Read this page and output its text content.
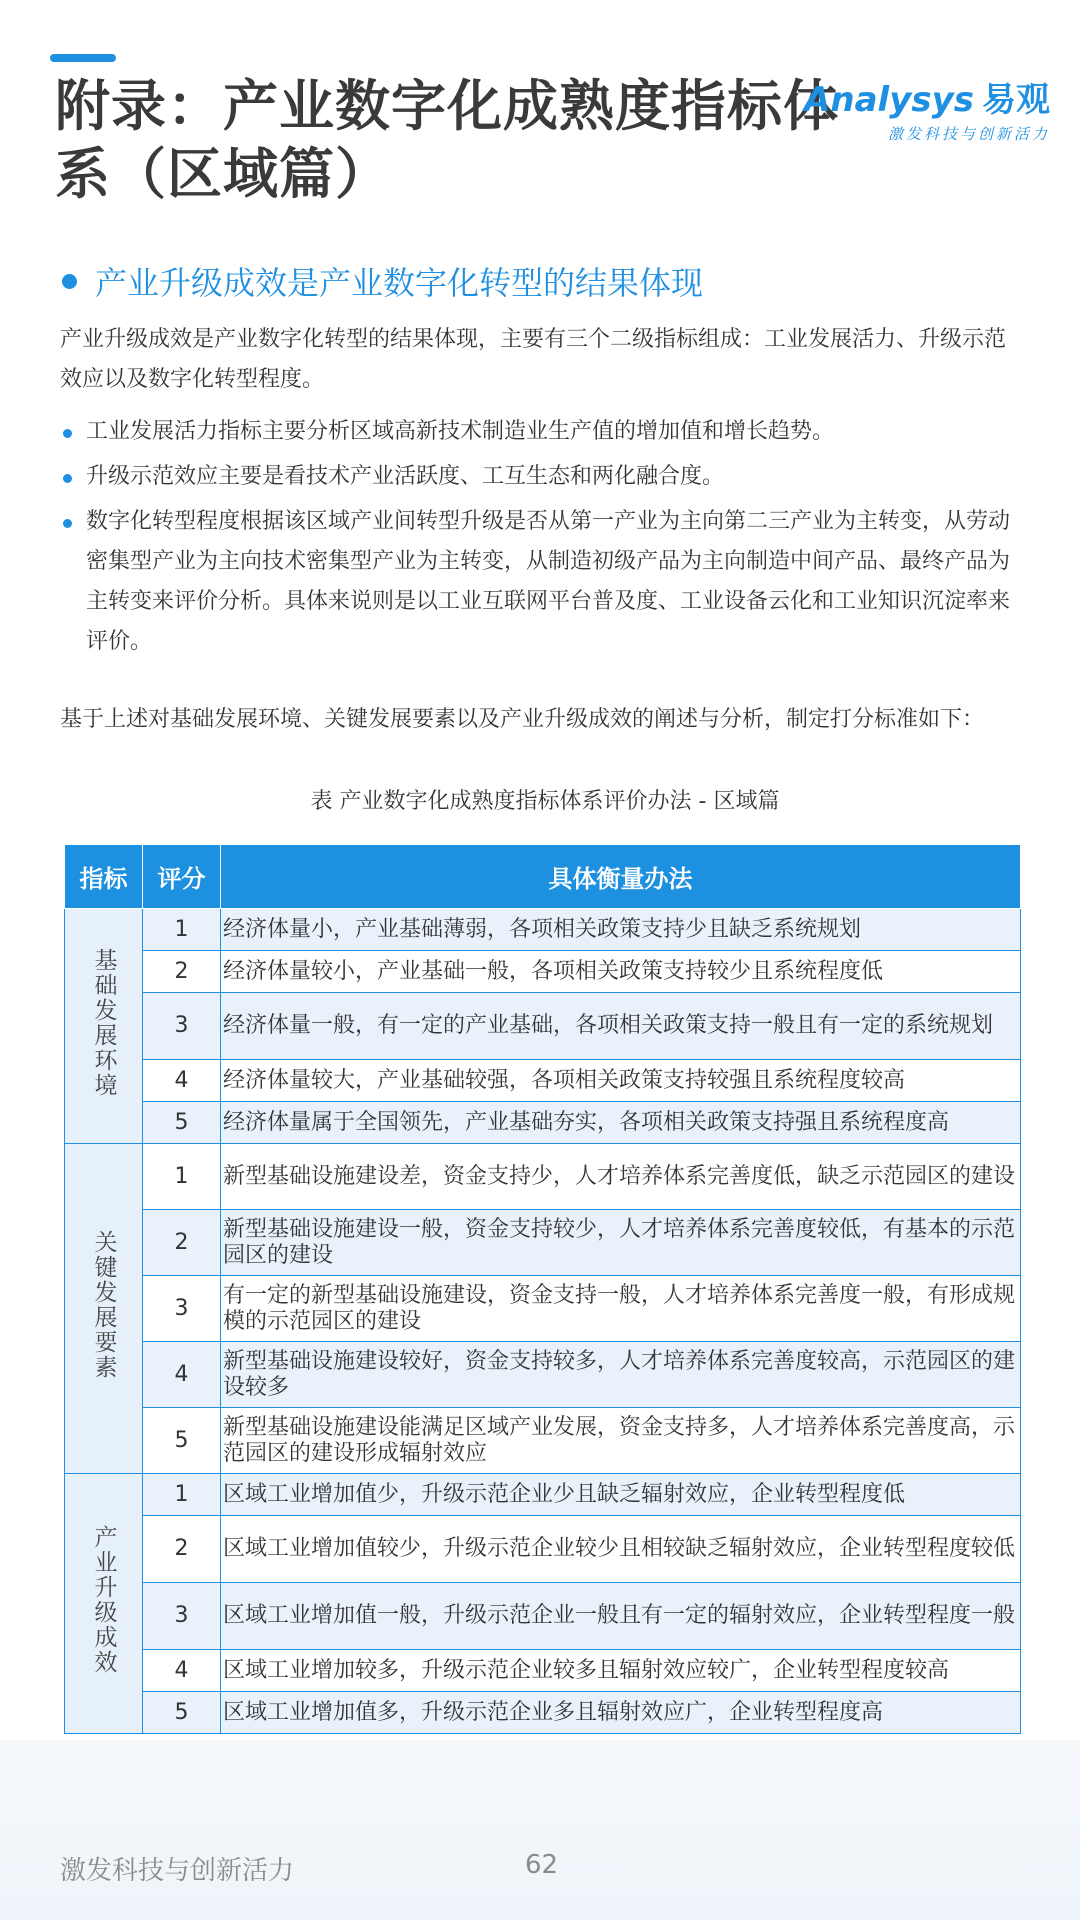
附录：产业数字化成熟度指标体系（区域篇）
Analysys 易观
激发科技与创新活力
产业升级成效是产业数字化转型的结果体现

产业升级成效是产业数字化转型的结果体现，主要有三个二级指标组成：工业发展活力、升级示范效应以及数字化转型程度。

工业发展活力指标主要分析区域高新技术制造业生产值的增加值和增长趋势。
升级示范效应主要是看技术产业活跃度、工互生态和两化融合度。
数字化转型程度根据该区域产业间转型升级是否从第一产业为主向第二三产业为主转变，从劳动密集型产业为主向技术密集型产业为主转变，从制造初级产品为主向制造中间产品、最终产品为主转变来评价分析。具体来说则是以工业互联网平台普及度、工业设备云化和工业知识沉淀率来评价。

基于上述对基础发展环境、关键发展要素以及产业升级成效的阐述与分析，制定打分标准如下：

表 产业数字化成熟度指标体系评价办法 - 区域篇
指标	评分	具体衡量办法
基础发展环境	1	经济体量小，产业基础薄弱，各项相关政策支持少且缺乏系统规划
	2	经济体量较小，产业基础一般，各项相关政策支持较少且系统程度低
	3	经济体量一般，有一定的产业基础，各项相关政策支持一般且有一定的系统规划
	4	经济体量较大，产业基础较强，各项相关政策支持较强且系统程度较高
	5	经济体量属于全国领先，产业基础夯实，各项相关政策支持强且系统程度高
关键发展要素	1	新型基础设施建设差，资金支持少，人才培养体系完善度低，缺乏示范园区的建设
	2	新型基础设施建设一般，资金支持较少，人才培养体系完善度较低，有基本的示范园区的建设
	3	有一定的新型基础设施建设，资金支持一般，人才培养体系完善度一般，有形成规模的示范园区的建设
	4	新型基础设施建设较好，资金支持较多，人才培养体系完善度较高，示范园区的建设较多
	5	新型基础设施建设能满足区域产业发展，资金支持多，人才培养体系完善度高，示范园区的建设形成辐射效应
产业升级成效	1	区域工业增加值少，升级示范企业少且缺乏辐射效应，企业转型程度低
	2	区域工业增加值较少，升级示范企业较少且相较缺乏辐射效应，企业转型程度较低
	3	区域工业增加值一般，升级示范企业一般且有一定的辐射效应，企业转型程度一般
	4	区域工业增加较多，升级示范企业较多且辐射效应较广，企业转型程度较高
	5	区域工业增加值多，升级示范企业多且辐射效应广，企业转型程度高
激发科技与创新活力	62
